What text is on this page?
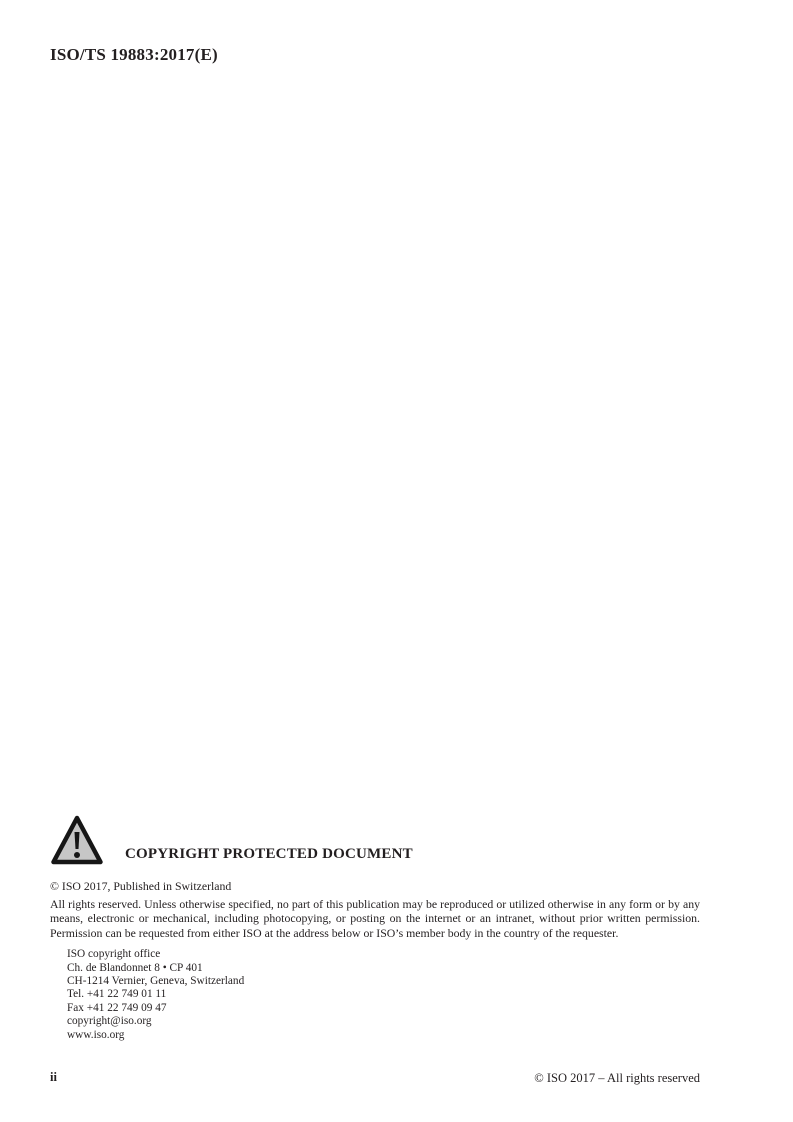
ISO/TS 19883:2017(E)
COPYRIGHT PROTECTED DOCUMENT
© ISO 2017, Published in Switzerland
All rights reserved. Unless otherwise specified, no part of this publication may be reproduced or utilized otherwise in any form or by any means, electronic or mechanical, including photocopying, or posting on the internet or an intranet, without prior written permission. Permission can be requested from either ISO at the address below or ISO’s member body in the country of the requester.
ISO copyright office
Ch. de Blandonnet 8 • CP 401
CH-1214 Vernier, Geneva, Switzerland
Tel. +41 22 749 01 11
Fax +41 22 749 09 47
copyright@iso.org
www.iso.org
ii	© ISO 2017 – All rights reserved
